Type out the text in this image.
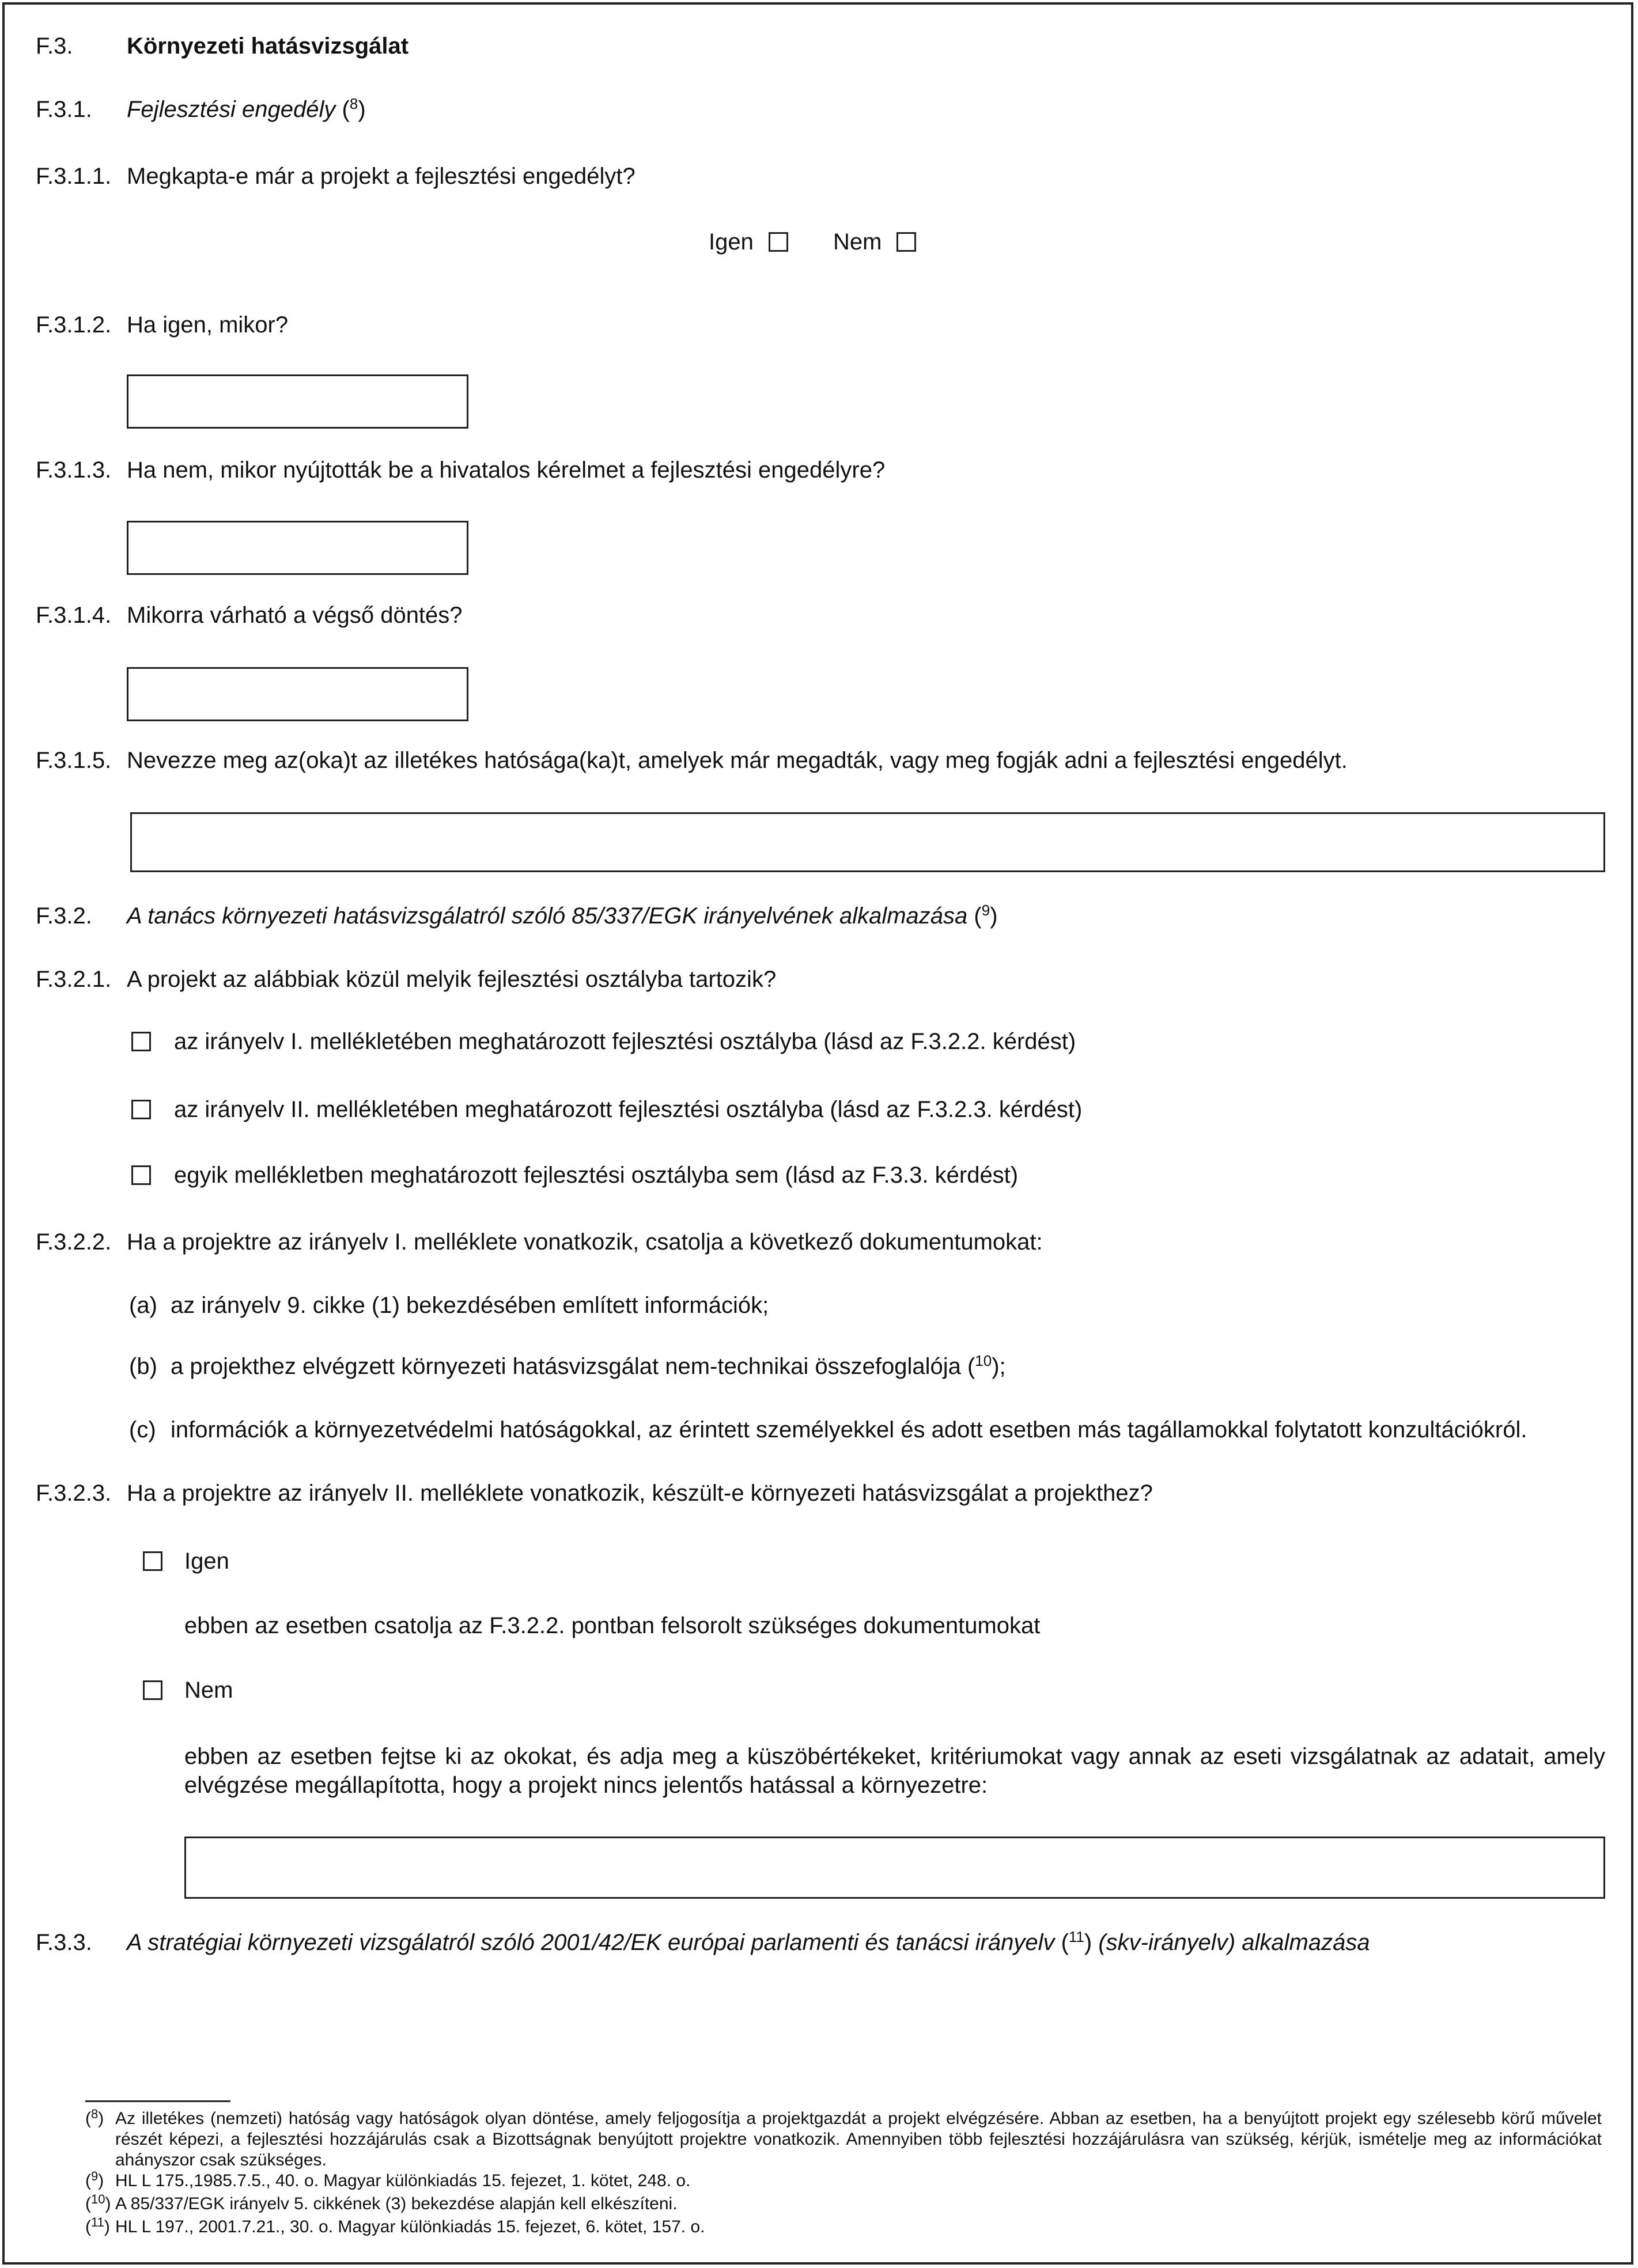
F.3. Környezeti hatásvizsgálat
F.3.1. Fejlesztési engedély ($^8$)
F.3.1.1. Megkapta-e már a projekt a fejlesztési engedélyt?
Igen	Nem
F.3.1.2. Ha igen, mikor?
F.3.1.3. Ha nem, mikor nyújtották be a hivatalos kérelmet a fejlesztési engedélyre?
F.3.1.4. Mikorra várható a végső döntés?
F.3.1.5. Nevezze meg az(oka)t az illetékes hatósága(ka)t, amelyek már megadták, vagy meg fogják adni a fejlesztési engedélyt.
F.3.2. A tanács környezeti hatásvizsgálatról szóló 85/337/EGK irányelvének alkalmazása ($^9$)
F.3.2.1. A projekt az alábbiak közül melyik fejlesztési osztályba tartozik?
az irányelv I. mellékletében meghatározott fejlesztési osztályba (lásd az F.3.2.2. kérdést)
az irányelv II. mellékletében meghatározott fejlesztési osztályba (lásd az F.3.2.3. kérdést)
egyik mellékletben meghatározott fejlesztési osztályba sem (lásd az F.3.3. kérdést)
F.3.2.2. Ha a projektre az irányelv I. melléklete vonatkozik, csatolja a következő dokumentumokat:
(a) az irányelv 9. cikke (1) bekezdésében említett információk;
(b) a projekthez elvégzett környezeti hatásvizsgálat nem-technikai összefoglalója ($^{10}$);
(c) információk a környezetvédelmi hatóságokkal, az érintett személyekkel és adott esetben más tagállamokkal folytatott konzultációkról.
F.3.2.3. Ha a projektre az irányelv II. melléklete vonatkozik, készült-e környezeti hatásvizsgálat a projekthez?
Igen
ebben az esetben csatolja az F.3.2.2. pontban felsorolt szükséges dokumentumokat
Nem
ebben az esetben fejtse ki az okokat, és adja meg a küszöbértékeket, kritériumokat vagy annak az eseti vizsgálatnak az adatait, amely elvégzése megállapította, hogy a projekt nincs jelentős hatással a környezetre:
F.3.3. A stratégiai környezeti vizsgálatról szóló 2001/42/EK európai parlamenti és tanácsi irányelv ($^{11}$) (skv-irányelv) alkalmazása
($^8$) Az illetékes (nemzeti) hatóság vagy hatóságok olyan döntése, amely feljogosítja a projektgazdát a projekt elvégzésére. Abban az esetben, ha a benyújtott projekt egy szélesebb körű művelet részét képezi, a fejlesztési hozzájárulás csak a Bizottságnak benyújtott projektre vonatkozik. Amennyiben több fejlesztési hozzájárulásra van szükség, kérjük, ismételje meg az információkat ahányszor csak szükséges.
($^9$) HL L 175.,1985.7.5., 40. o. Magyar különkiadás 15. fejezet, 1. kötet, 248. o.
($^{10}$) A 85/337/EGK irányelv 5. cikkének (3) bekezdése alapján kell elkészíteni.
($^{11}$) HL L 197., 2001.7.21., 30. o. Magyar különkiadás 15. fejezet, 6. kötet, 157. o.
